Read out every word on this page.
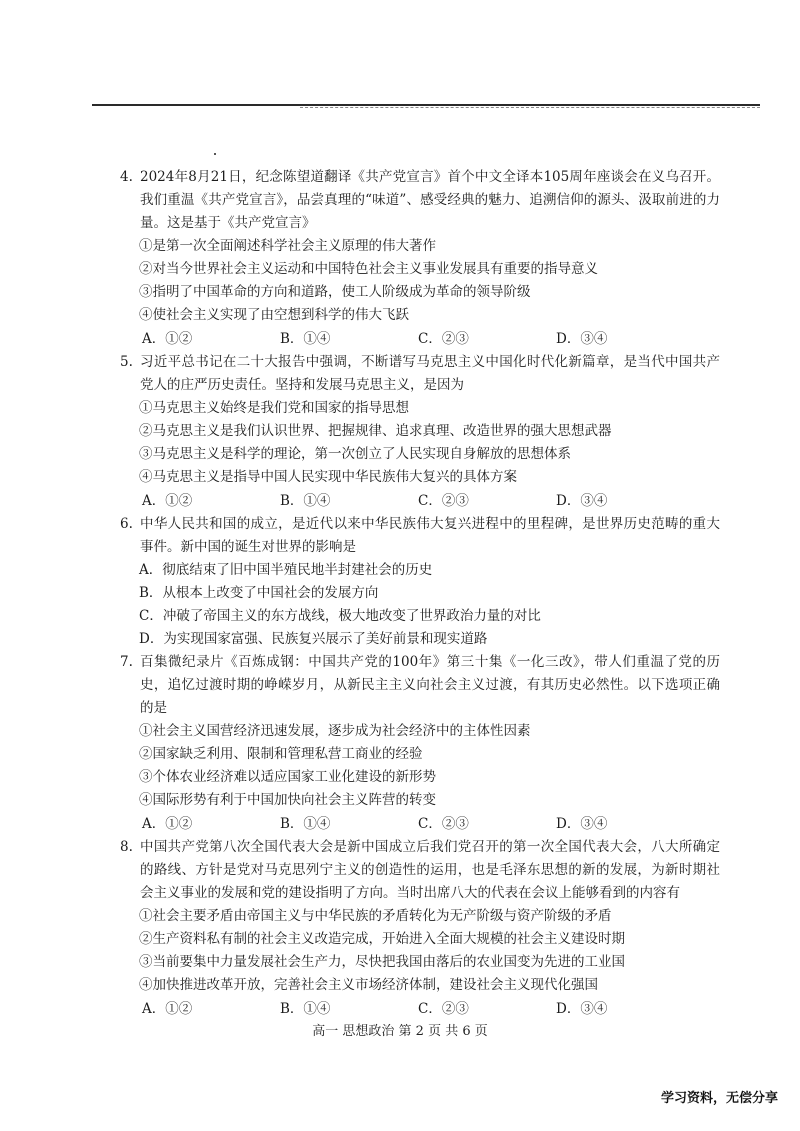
4. 2024年8月21日，纪念陈望道翻译《共产党宣言》首个中文全译本105周年座谈会在义乌召开。我们重温《共产党宣言》，品尝真理的“味道”、感受经典的魅力、追溯信仰的源头、汲取前进的力量。这是基于《共产党宣言》

①是第一次全面阐述科学社会主义原理的伟大著作

②对当今世界社会主义运动和中国特色社会主义事业发展具有重要的指导意义

③指明了中国革命的方向和道路，使工人阶级成为革命的领导阶级

④使社会主义实现了由空想到科学的伟大飞跃

A．①②	B．①④	C．②③	D．③④

5. 习近平总书记在二十大报告中强调，不断谱写马克思主义中国化时代化新篇章，是当代中国共产党人的庄严历史责任。坚持和发展马克思主义，是因为

①马克思主义始终是我们党和国家的指导思想

②马克思主义是我们认识世界、把握规律、追求真理、改造世界的强大思想武器

③马克思主义是科学的理论，第一次创立了人民实现自身解放的思想体系

④马克思主义是指导中国人民实现中华民族伟大复兴的具体方案

A．①②	B．①④	C．②③	D．③④

6. 中华人民共和国的成立，是近代以来中华民族伟大复兴进程中的里程碑，是世界历史范畴的重大事件。新中国的诞生对世界的影响是

A．彻底结束了旧中国半殖民地半封建社会的历史

B．从根本上改变了中国社会的发展方向

C．冲破了帝国主义的东方战线，极大地改变了世界政治力量的对比

D．为实现国家富强、民族复兴展示了美好前景和现实道路

7. 百集微纪录片《百炼成钢：中国共产党的100年》第三十集《一化三改》，带人们重温了党的历史，追忆过渡时期的峥嵘岁月，从新民主主义向社会主义过渡，有其历史必然性。以下选项正确的是

①社会主义国营经济迅速发展，逐步成为社会经济中的主体性因素

②国家缺乏利用、限制和管理私营工商业的经验

③个体农业经济难以适应国家工业化建设的新形势

④国际形势有利于中国加快向社会主义阵营的转变

A．①②	B．①④	C．②③	D．③④

8. 中国共产党第八次全国代表大会是新中国成立后我们党召开的第一次全国代表大会，八大所确定的路线、方针是党对马克思列宁主义的创造性的运用，也是毛泽东思想的新的发展，为新时期社会主义事业的发展和党的建设指明了方向。当时出席八大的代表在会议上能够看到的内容有

①社会主要矛盾由帝国主义与中华民族的矛盾转化为无产阶级与资产阶级的矛盾

②生产资料私有制的社会主义改造完成，开始进入全面大规模的社会主义建设时期

③当前要集中力量发展社会生产力，尽快把我国由落后的农业国变为先进的工业国

④加快推进改革开放，完善社会主义市场经济体制，建设社会主义现代化强国

A．①②	B．①④	C．②③	D．③④
高一 思想政治 第 2 页 共 6 页
学习资料，无偿分享
